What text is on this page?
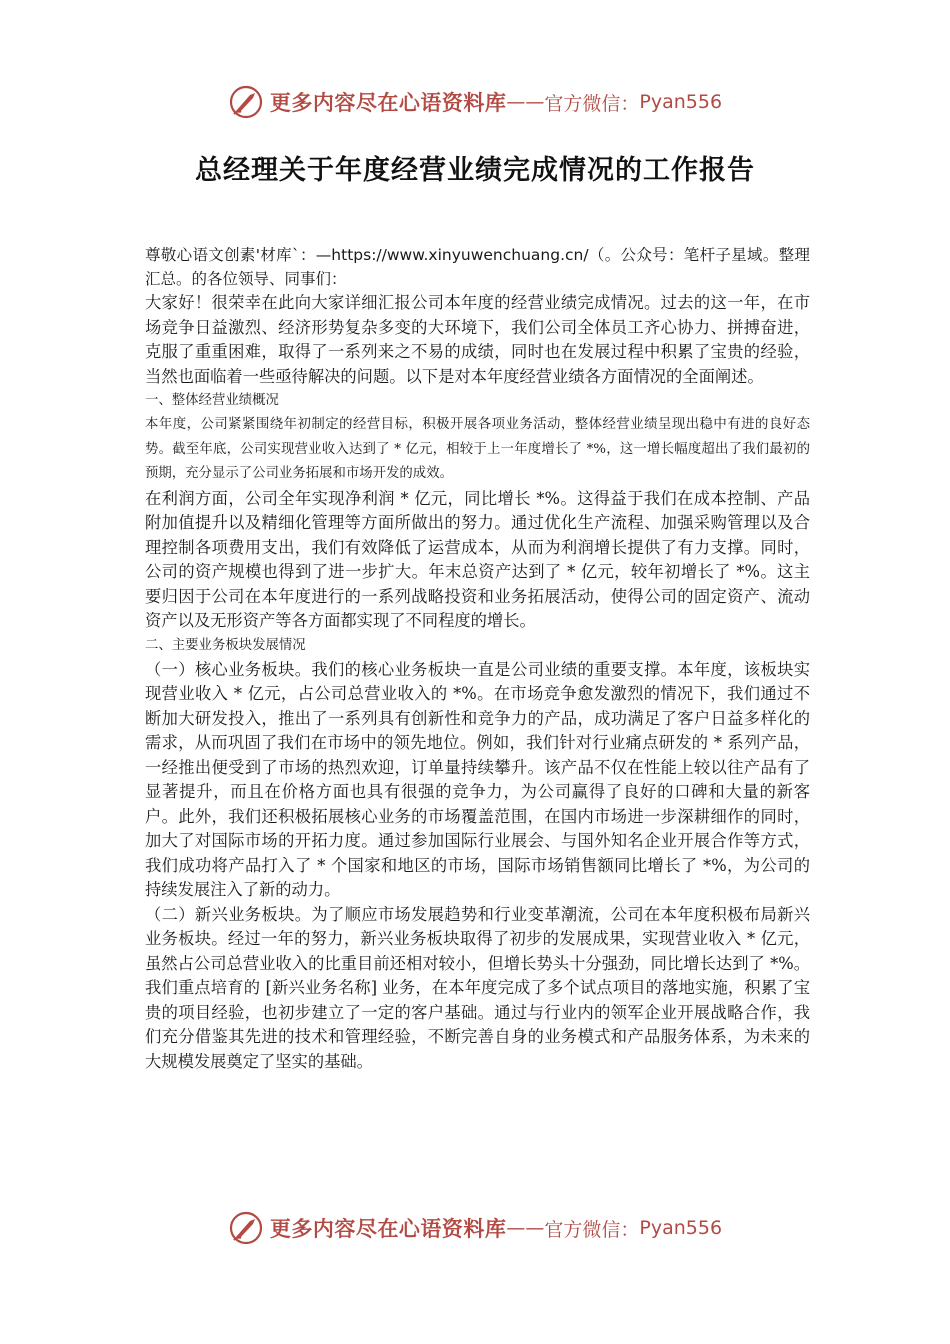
更多内容尽在心语资料库 —— 官方微信： Pyan556
总经理关于年度经营业绩完成情况的工作报告

尊敬心语文创素'材库`：—https://www.xinyuwenchuang.cn/（。公众号：笔杆子星域。整理汇总。的各位领导、同事们：

大家好！很荣幸在此向大家详细汇报公司本年度的经营业绩完成情况。过去的这一年，在市场竞争日益激烈、经济形势复杂多变的大环境下，我们公司全体员工齐心协力、拼搏奋进，克服了重重困难，取得了一系列来之不易的成绩，同时也在发展过程中积累了宝贵的经验，当然也面临着一些亟待解决的问题。以下是对本年度经营业绩各方面情况的全面阐述。

一、整体经营业绩概况

本年度，公司紧紧围绕年初制定的经营目标，积极开展各项业务活动，整体经营业绩呈现出稳中有进的良好态势。截至年底，公司实现营业收入达到了 * 亿元，相较于上一年度增长了 *%，这一增长幅度超出了我们最初的预期，充分显示了公司业务拓展和市场开发的成效。

在利润方面，公司全年实现净利润 * 亿元，同比增长 *%。这得益于我们在成本控制、产品附加值提升以及精细化管理等方面所做出的努力。通过优化生产流程、加强采购管理以及合理控制各项费用支出，我们有效降低了运营成本，从而为利润增长提供了有力支撑。同时，公司的资产规模也得到了进一步扩大。年末总资产达到了 * 亿元，较年初增长了 *%。这主要归因于公司在本年度进行的一系列战略投资和业务拓展活动，使得公司的固定资产、流动资产以及无形资产等各方面都实现了不同程度的增长。

二、主要业务板块发展情况

（一）核心业务板块。我们的核心业务板块一直是公司业绩的重要支撑。本年度，该板块实现营业收入 * 亿元，占公司总营业收入的 *%。在市场竞争愈发激烈的情况下，我们通过不断加大研发投入，推出了一系列具有创新性和竞争力的产品，成功满足了客户日益多样化的需求，从而巩固了我们在市场中的领先地位。例如，我们针对行业痛点研发的 * 系列产品，一经推出便受到了市场的热烈欢迎，订单量持续攀升。该产品不仅在性能上较以往产品有了显著提升，而且在价格方面也具有很强的竞争力，为公司赢得了良好的口碑和大量的新客户。此外，我们还积极拓展核心业务的市场覆盖范围，在国内市场进一步深耕细作的同时，加大了对国际市场的开拓力度。通过参加国际行业展会、与国外知名企业开展合作等方式，我们成功将产品打入了 * 个国家和地区的市场，国际市场销售额同比增长了 *%，为公司的持续发展注入了新的动力。

（二）新兴业务板块。为了顺应市场发展趋势和行业变革潮流，公司在本年度积极布局新兴业务板块。经过一年的努力，新兴业务板块取得了初步的发展成果，实现营业收入 * 亿元，虽然占公司总营业收入的比重目前还相对较小，但增长势头十分强劲，同比增长达到了 *%。我们重点培育的 [新兴业务名称] 业务，在本年度完成了多个试点项目的落地实施，积累了宝贵的项目经验，也初步建立了一定的客户基础。通过与行业内的领军企业开展战略合作，我们充分借鉴其先进的技术和管理经验，不断完善自身的业务模式和产品服务体系，为未来的大规模发展奠定了坚实的基础。

更多内容尽在心语资料库 —— 官方微信： Pyan556
